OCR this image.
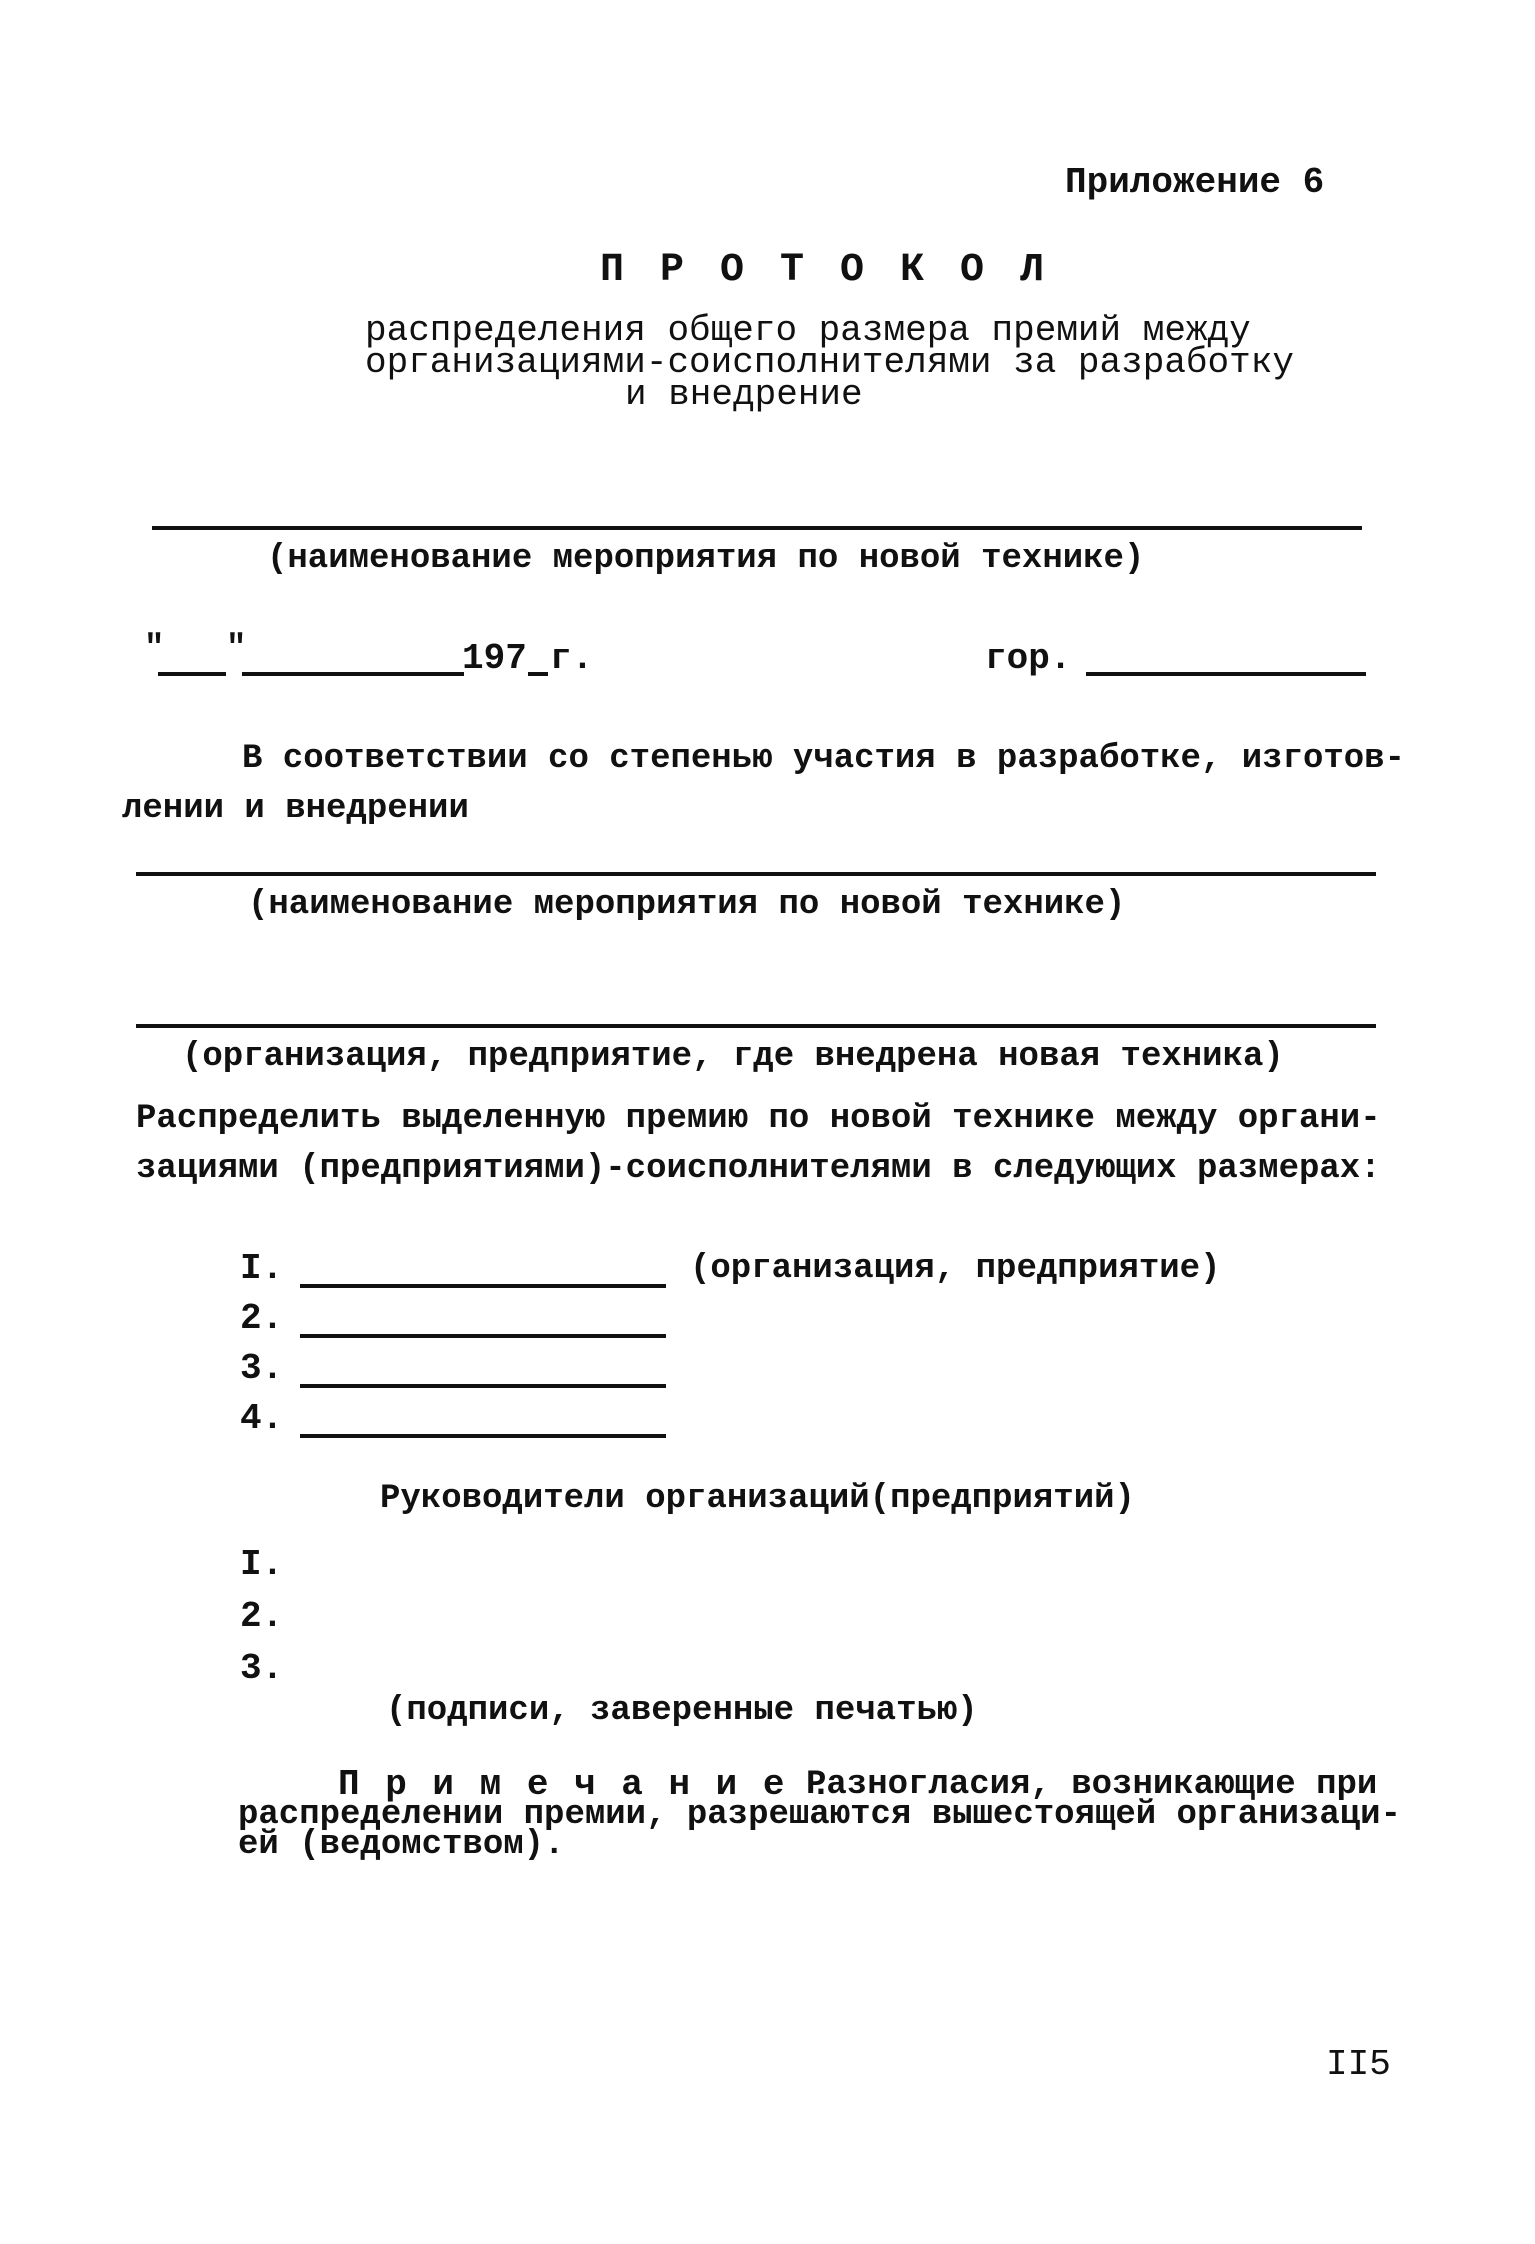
Приложение 6
П Р О Т О К О Л
распределения общего размера премий между
организациями-соисполнителями за разработку
и внедрение
(наименование мероприятия по новой технике)
" "	197 г.	гор.
В соответствии со степенью участия в разработке, изготов-
лении и внедрении
(наименование мероприятия по новой технике)
(организация, предприятие, где внедрена новая техника)
Распределить выделенную премию по новой технике между органи-
зациями (предприятиями)-соисполнителями в следующих размерах:
I.	(организация, предприятие)
2.
3.
4.
Руководители организаций(предприятий)
I.
2.
3.
(подписи, заверенные печатью)
П р и м е ч а н и е .
Разногласия, возникающие при
распределении премии, разрешаются вышестоящей организаци-
ей (ведомством).
II5
